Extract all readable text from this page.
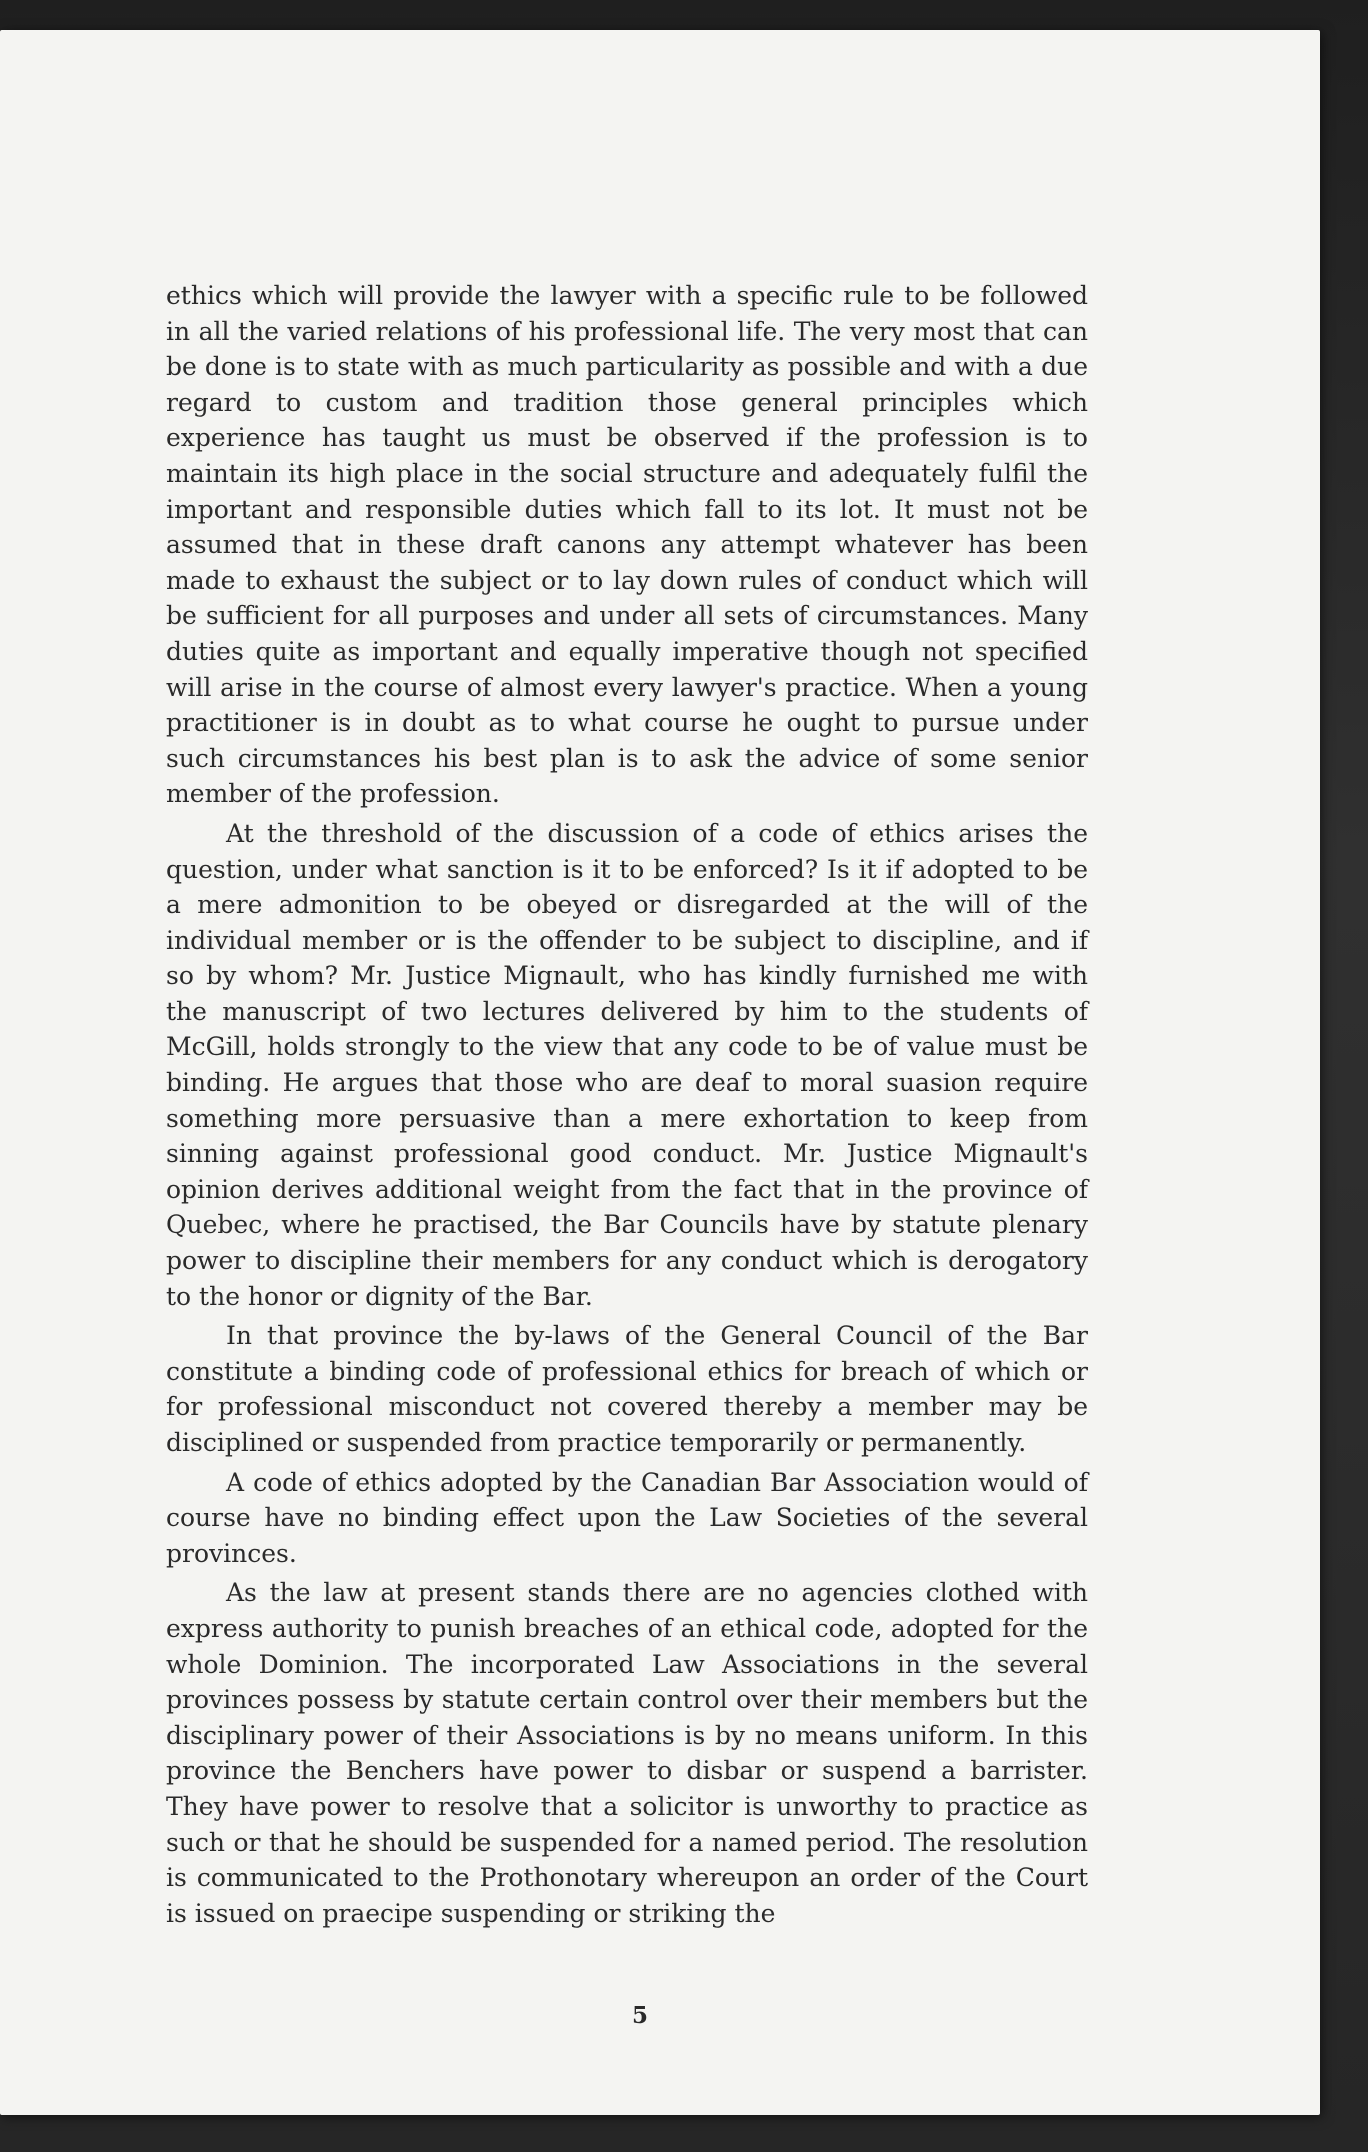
ethics which will provide the lawyer with a specific rule to be followed in all the varied relations of his professional life. The very most that can be done is to state with as much particularity as possible and with a due regard to custom and tradition those general principles which experience has taught us must be observed if the profession is to maintain its high place in the social structure and adequately fulfil the important and responsible duties which fall to its lot. It must not be assumed that in these draft canons any attempt whatever has been made to exhaust the subject or to lay down rules of conduct which will be sufficient for all purposes and under all sets of circumstances. Many duties quite as important and equally imperative though not specified will arise in the course of almost every lawyer's practice. When a young practitioner is in doubt as to what course he ought to pursue under such circumstances his best plan is to ask the advice of some senior member of the profession.

At the threshold of the discussion of a code of ethics arises the question, under what sanction is it to be enforced? Is it if adopted to be a mere admonition to be obeyed or disregarded at the will of the individual member or is the offender to be subject to discipline, and if so by whom? Mr. Justice Mignault, who has kindly furnished me with the manuscript of two lectures delivered by him to the students of McGill, holds strongly to the view that any code to be of value must be binding. He argues that those who are deaf to moral suasion require something more persuasive than a mere exhortation to keep from sinning against professional good conduct. Mr. Justice Mignault's opinion derives additional weight from the fact that in the province of Quebec, where he practised, the Bar Councils have by statute plenary power to discipline their members for any conduct which is derogatory to the honor or dignity of the Bar.

In that province the by-laws of the General Council of the Bar constitute a binding code of professional ethics for breach of which or for professional misconduct not covered thereby a member may be disciplined or suspended from practice temporarily or permanently.

A code of ethics adopted by the Canadian Bar Association would of course have no binding effect upon the Law Societies of the several provinces.

As the law at present stands there are no agencies clothed with express authority to punish breaches of an ethical code, adopted for the whole Dominion. The incorporated Law Associations in the several provinces possess by statute certain control over their members but the disciplinary power of their Associations is by no means uniform. In this province the Benchers have power to disbar or suspend a barrister. They have power to resolve that a solicitor is unworthy to practice as such or that he should be suspended for a named period. The resolution is communicated to the Prothonotary whereupon an order of the Court is issued on praecipe suspending or striking the

5
